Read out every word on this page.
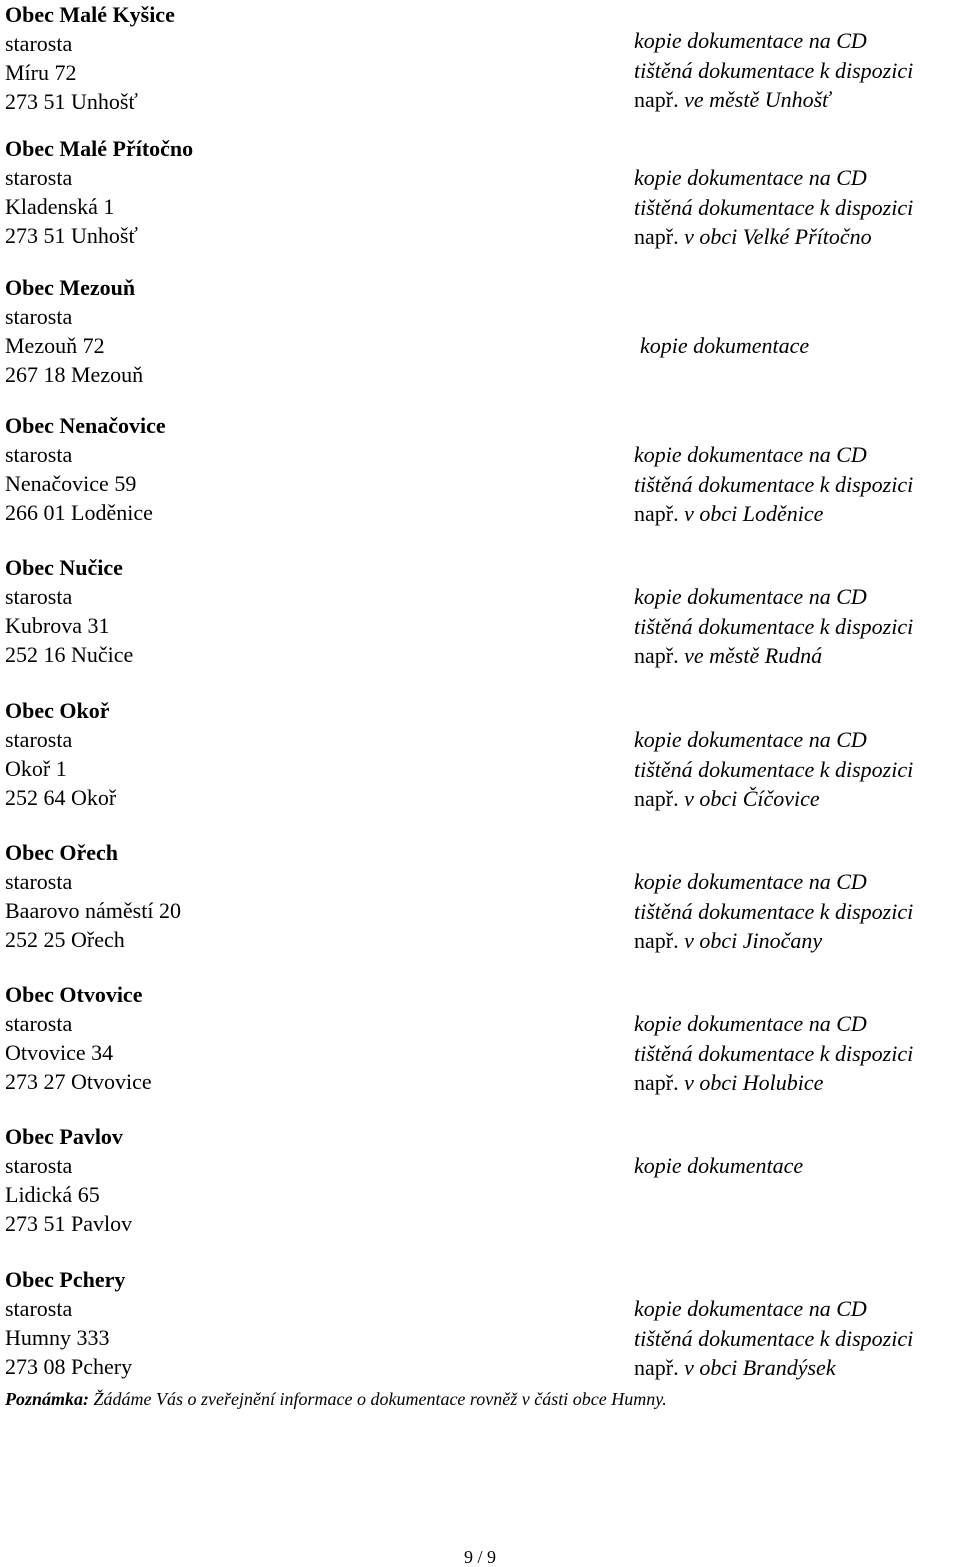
Obec Malé Kyšice
starosta
Míru 72
273 51 Unhošť
kopie dokumentace na CD
tištěná dokumentace k dispozici
např. ve městě Unhošť
Obec Malé Přítočno
starosta
Kladenská 1
273 51 Unhošť
kopie dokumentace na CD
tištěná dokumentace k dispozici
např. v obci Velké Přítočno
Obec Mezouň
starosta
Mezouň 72
267 18 Mezouň
kopie dokumentace
Obec Nenačovice
starosta
Nenačovice 59
266 01 Loděnice
kopie dokumentace na CD
tištěná dokumentace k dispozici
např. v obci Loděnice
Obec Nučice
starosta
Kubrova 31
252 16 Nučice
kopie dokumentace na CD
tištěná dokumentace k dispozici
např. ve městě Rudná
Obec Okoř
starosta
Okoř 1
252 64 Okoř
kopie dokumentace na CD
tištěná dokumentace k dispozici
např. v obci Číčovice
Obec Ořech
starosta
Baarovo náměstí 20
252 25 Ořech
kopie dokumentace na CD
tištěná dokumentace k dispozici
např. v obci Jinočany
Obec Otvovice
starosta
Otvovice 34
273 27 Otvovice
kopie dokumentace na CD
tištěná dokumentace k dispozici
např. v obci Holubice
Obec Pavlov
starosta
Lidická 65
273 51 Pavlov
kopie dokumentace
Obec Pchery
starosta
Humny 333
273 08 Pchery
kopie dokumentace na CD
tištěná dokumentace k dispozici
např. v obci Brandýsek
Poznámka: Žádáme Vás o zveřejnění informace o dokumentace rovněž v části obce Humny.
9 / 9
